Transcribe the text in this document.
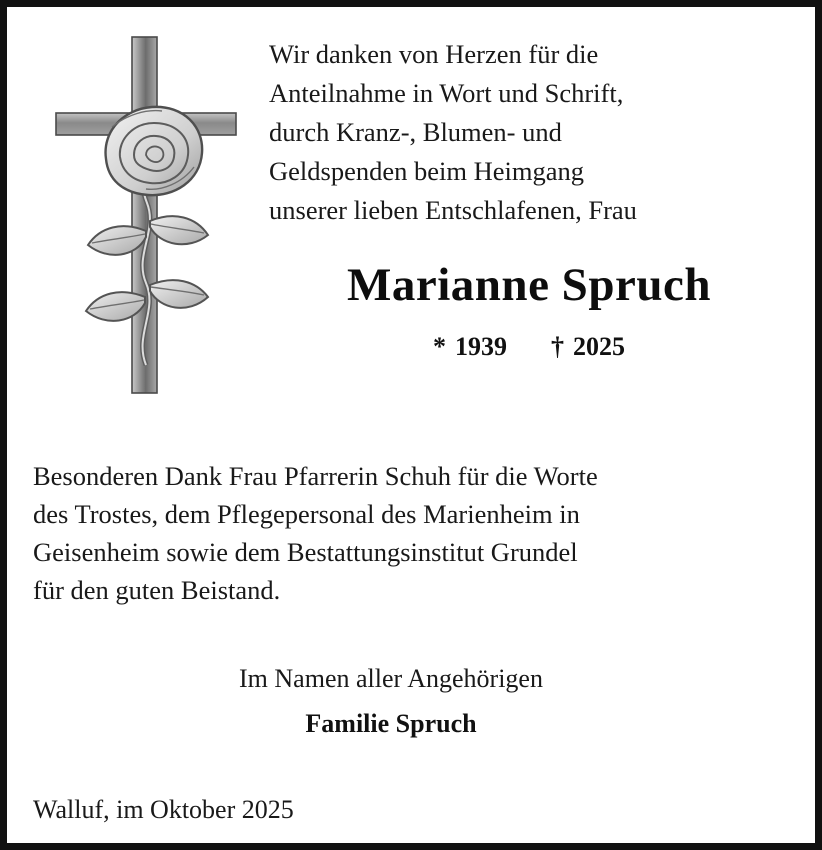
Wir danken von Herzen für die
Anteilnahme in Wort und Schrift,
durch Kranz-, Blumen- und
Geldspenden beim Heimgang
unserer lieben Entschlafenen, Frau
Marianne Spruch
* 1939 † 2025
Besonderen Dank Frau Pfarrerin Schuh für die Worte
des Trostes, dem Pflegepersonal des Marienheim in
Geisenheim sowie dem Bestattungsinstitut Grundel
für den guten Beistand.
Im Namen aller Angehörigen
Familie Spruch
Walluf, im Oktober 2025
